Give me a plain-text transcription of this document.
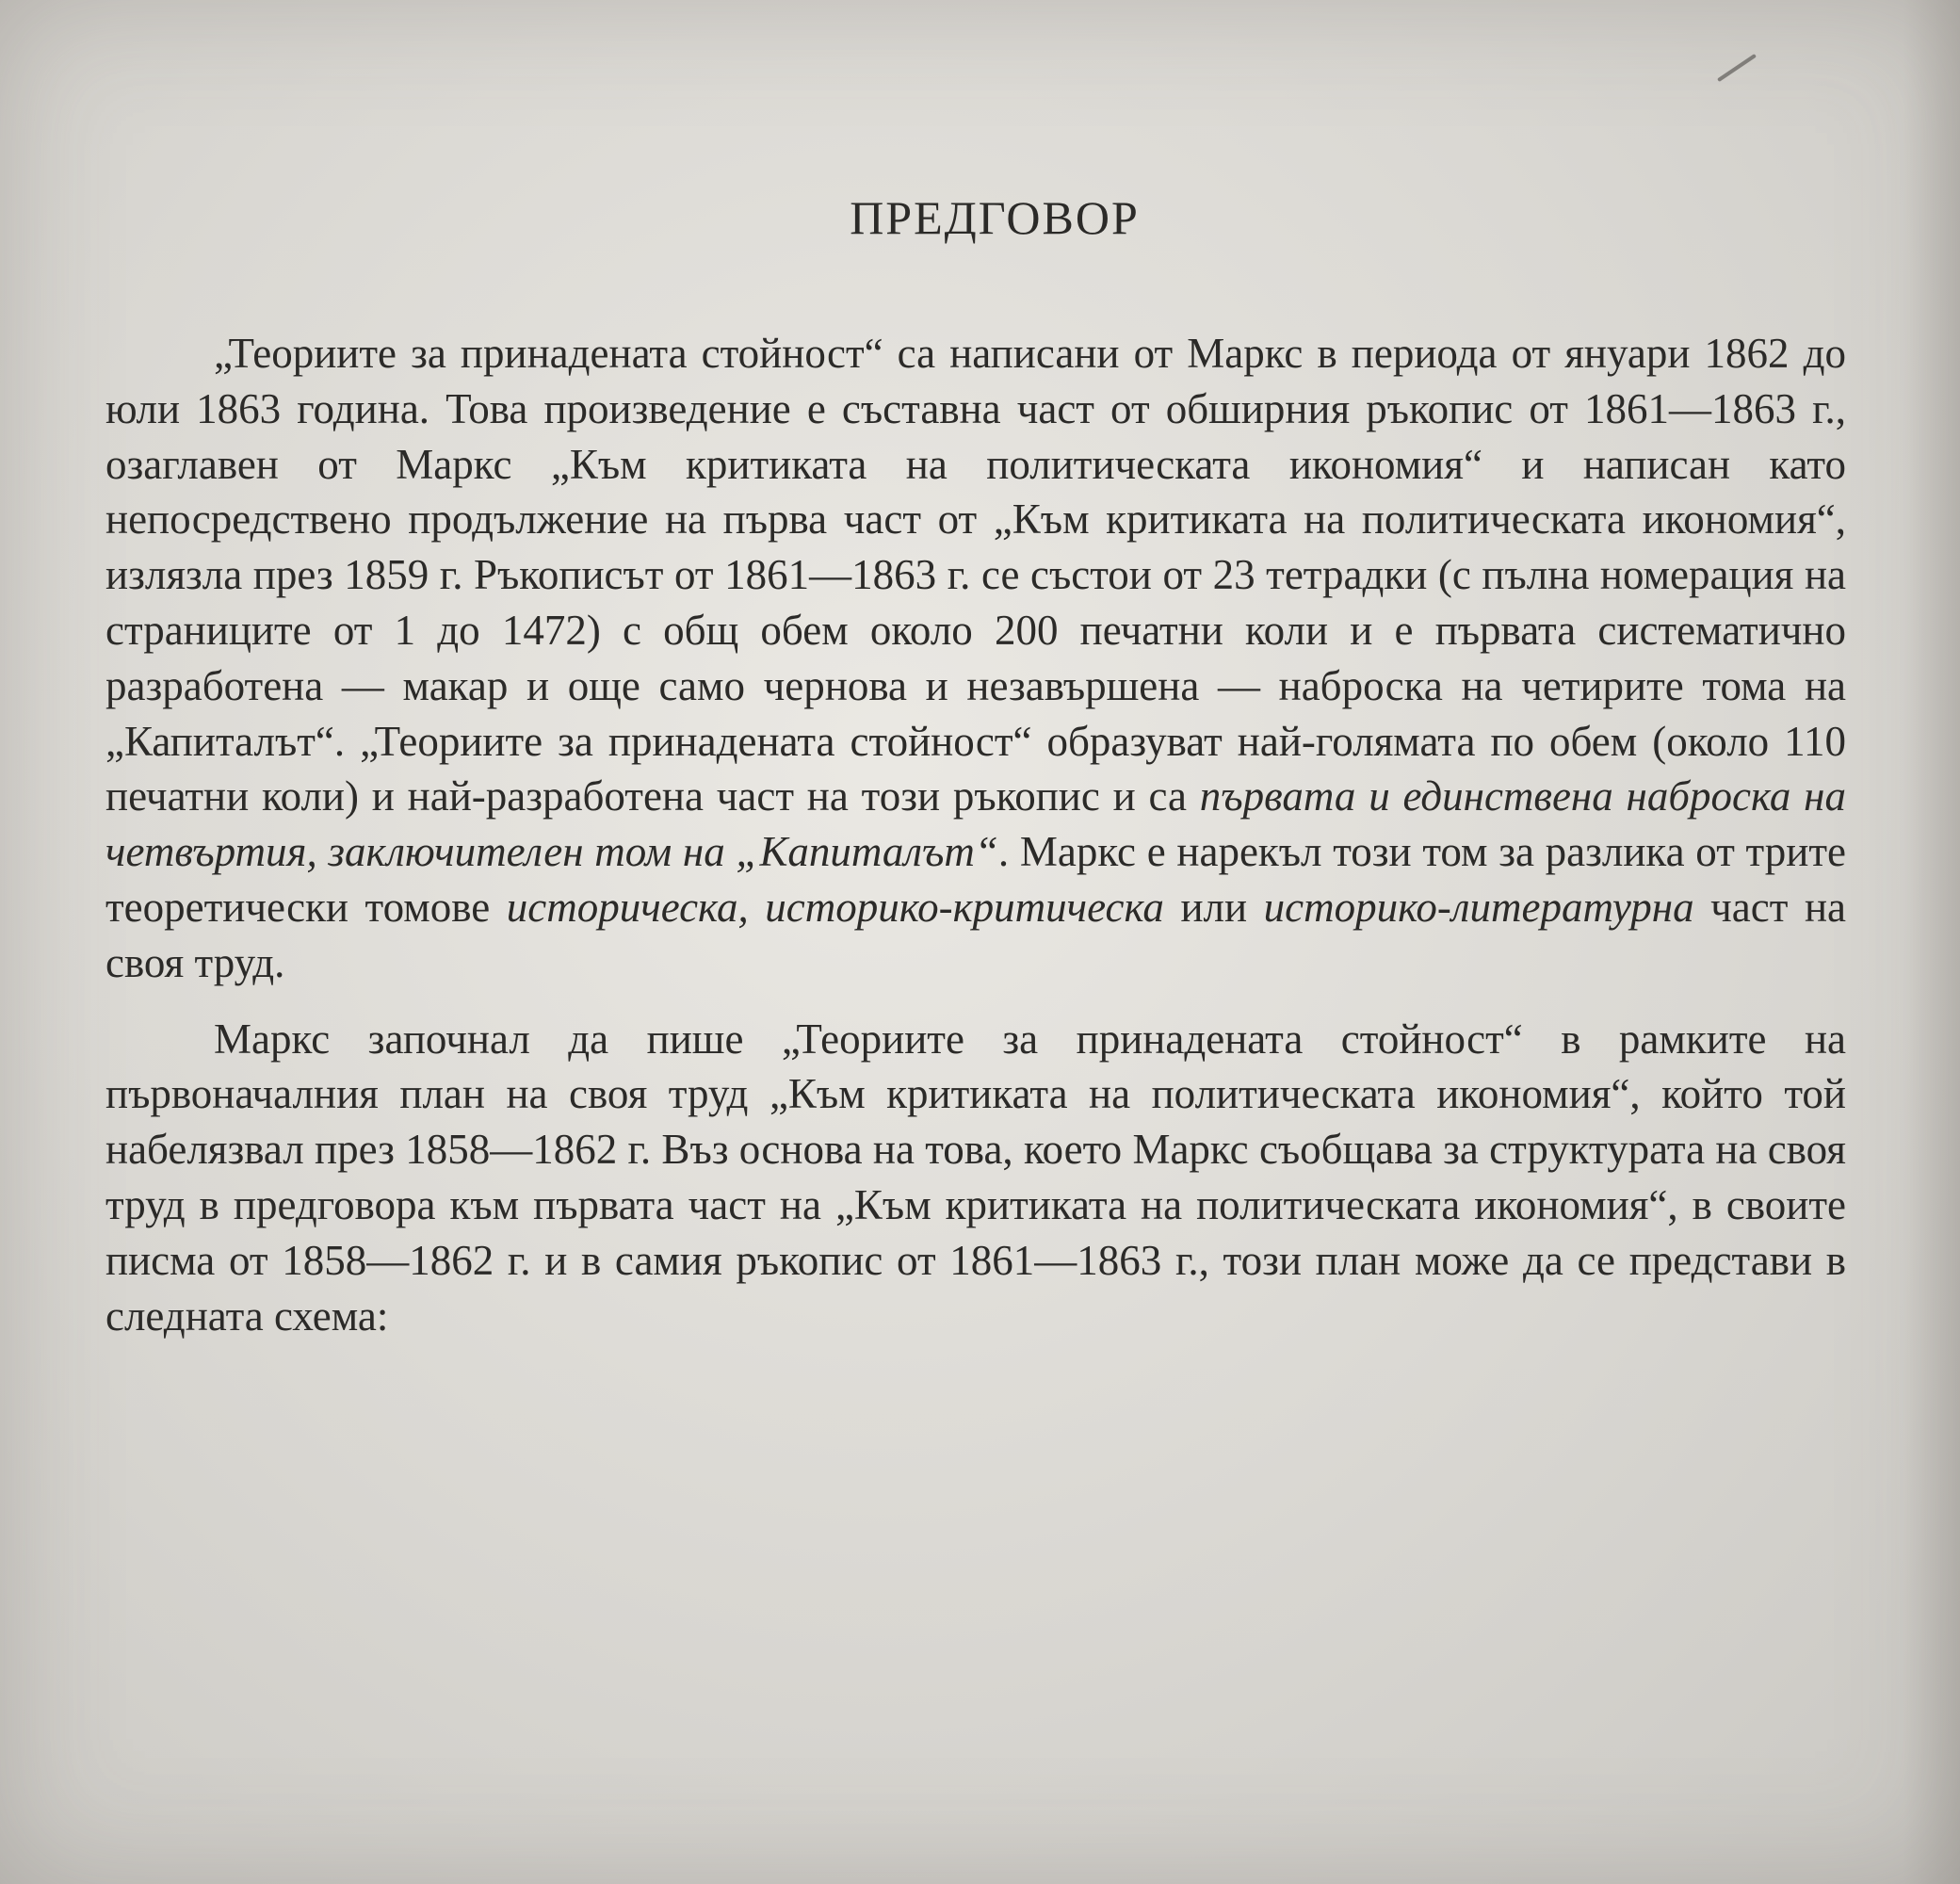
ПРЕДГОВОР

„Теориите за принадената стойност“ са написани от Маркс в периода от януари 1862 до юли 1863 година. Това произведение е съставна част от обширния ръкопис от 1861—1863 г., озаглавен от Маркс „Към критиката на политическата икономия“ и написан като непосредствено продължение на първа част от „Към критиката на политическата икономия“, излязла през 1859 г. Ръкописът от 1861—1863 г. се състои от 23 тетрадки (с пълна номерация на страниците от 1 до 1472) с общ обем около 200 печатни коли и е първата систематично разработена — макар и още само чернова и незавършена — наброска на четирите тома на „Капиталът“. „Теориите за принадената стойност“ образуват най-голямата по обем (около 110 печатни коли) и най-разработена част на този ръкопис и са първата и единствена наброска на четвъртия, заключителен том на „Капиталът“. Маркс е нарекъл този том за разлика от трите теоретически томове историческа, историко-критическа или историко-литературна част на своя труд.

Маркс започнал да пише „Теориите за принадената стойност“ в рамките на първоначалния план на своя труд „Към критиката на политическата икономия“, който той набелязвал през 1858—1862 г. Въз основа на това, което Маркс съобщава за структурата на своя труд в предговора към първата част на „Към критиката на политическата икономия“, в своите писма от 1858—1862 г. и в самия ръкопис от 1861—1863 г., този план може да се представи в следната схема:
